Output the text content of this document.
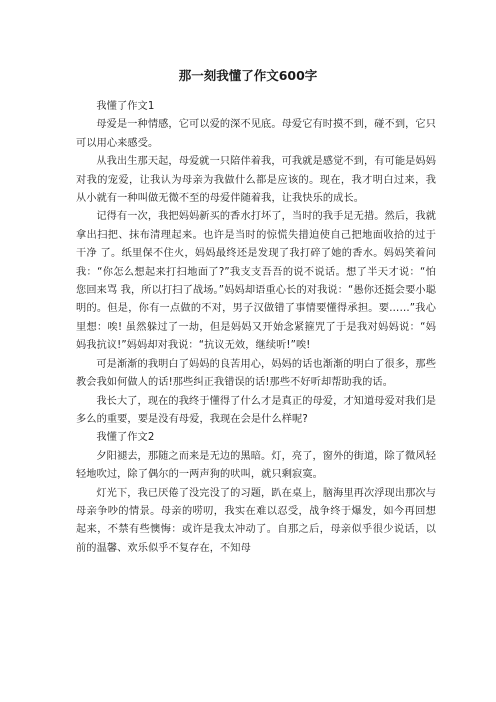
那一刻我懂了作文600字

我懂了作文1

母爱是一种情感，它可以爱的深不见底。母爱它有时摸不到，碰不到，它只可以用心来感受。

从我出生那天起，母爱就一只陪伴着我，可我就是感觉不到，有可能是妈妈对我的宠爱，让我认为母亲为我做什么都是应该的。现在，我才明白过来，我从小就有一种叫做无微不至的母爱伴随着我，让我快乐的成长。

记得有一次，我把妈妈新买的香水打坏了，当时的我手足无措。然后，我就拿出扫把、抹布清理起来。也许是当时的惊慌失措迫使自己把地面收拾的过于干净 了。纸里保不住火，妈妈最终还是发现了我打碎了她的香水。妈妈笑着问我：“你怎么想起来打扫地面了?”我支支吾吾的说不说话。想了半天才说：“怕您回来骂 我，所以打扫了战场。”妈妈却语重心长的对我说：“愚你还挺会要小聪明的。但是，你有一点做的不对，男子汉做错了事情要懂得承担。要……”我心里想：唉! 虽然躲过了一劫，但是妈妈又开始念紧箍咒了于是我对妈妈说：“妈妈我抗议!”妈妈却对我说：“抗议无效，继续听!”唉!

可是渐渐的我明白了妈妈的良苦用心，妈妈的话也渐渐的明白了很多，那些教会我如何做人的话!那些纠正我错误的话!那些不好听却帮助我的话。

我长大了，现在的我终于懂得了什么才是真正的母爱，才知道母爱对我们是多么的重要，要是没有母爱，我现在会是什么样呢?

我懂了作文2

夕阳褪去，那随之而来是无边的黑暗。灯，亮了，窗外的街道，除了微风轻轻地吹过，除了偶尔的一两声狗的吠叫，就只剩寂寞。

灯光下，我已厌倦了没完没了的习题，趴在桌上，脑海里再次浮现出那次与母亲争吵的情景。母亲的唠叨，我实在难以忍受，战争终于爆发，如今再回想起来，不禁有些懊悔：或许是我太冲动了。自那之后，母亲似乎很少说话，以前的温馨、欢乐似乎不复存在，不知母
